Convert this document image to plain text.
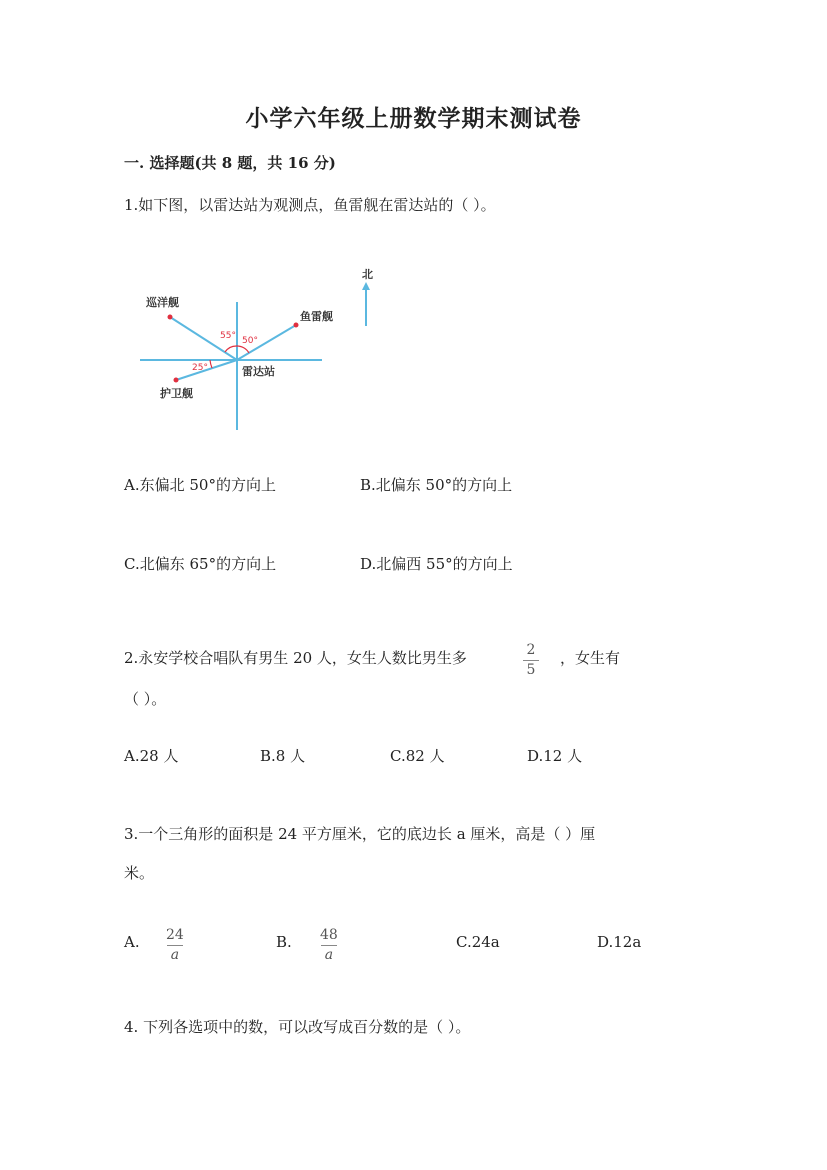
小学六年级上册数学期末测试卷
一. 选择题(共 8 题，共 16 分)
1.如下图，以雷达站为观测点，鱼雷舰在雷达站的（ ）。
巡洋舰
鱼雷舰
护卫舰
雷达站
55° 50°
25°
北
A.东偏北 50°的方向上	B.北偏东 50°的方向上
C.北偏东 65°的方向上	D.北偏西 55°的方向上
2.永安学校合唱队有男生 20 人，女生人数比男生多	2
5
，女生有
（ ）。
A.28 人	B.8 人	C.82 人	D.12 人
3.一个三角形的面积是 24 平方厘米，它的底边长 a 厘米，高是（ ）厘
米。
A. 24
a
B. 48
a
C.24a	D.12a
4. 下列各选项中的数，可以改写成百分数的是（ ）。
